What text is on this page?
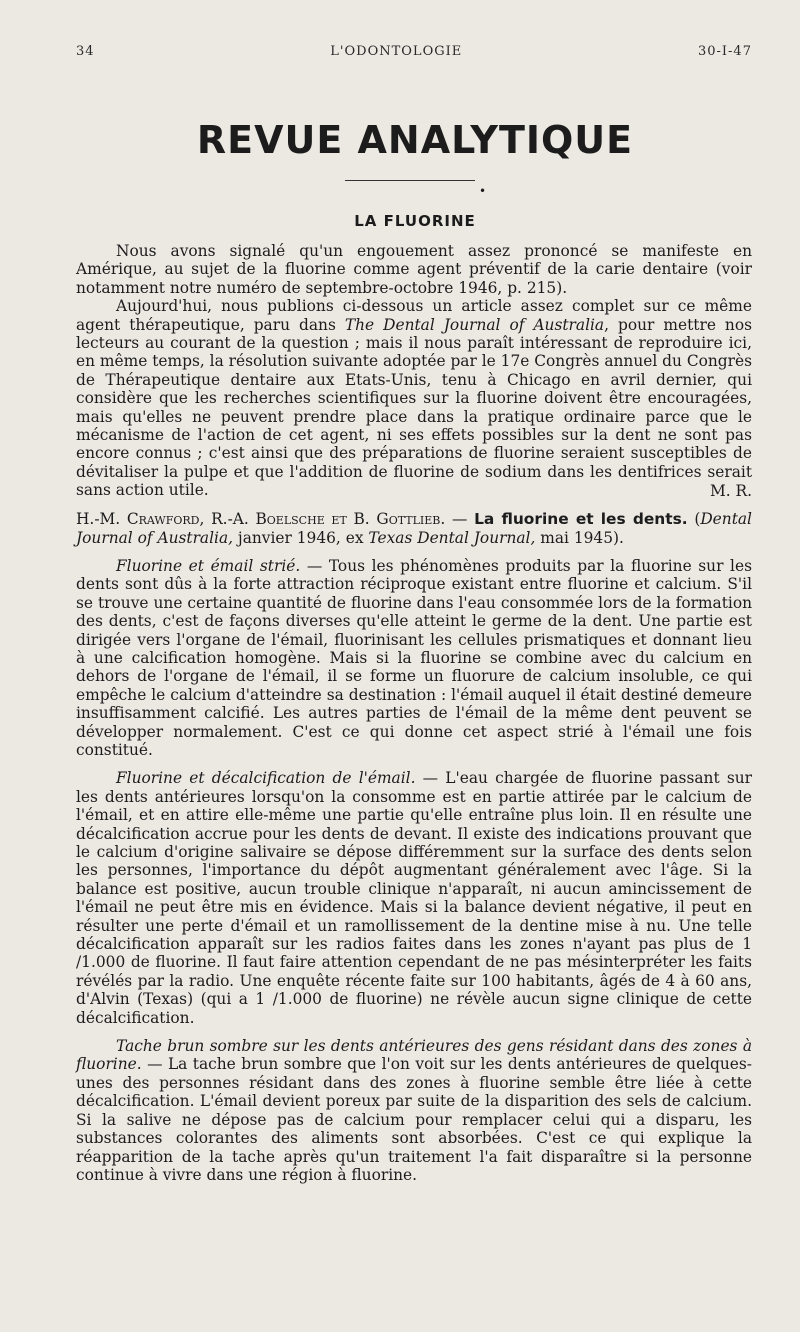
34	L'ODONTOLOGIE	30-I-47
REVUE ANALYTIQUE
•
LA FLUORINE

Nous avons signalé qu'un engouement assez prononcé se manifeste en Amérique, au sujet de la fluorine comme agent préventif de la carie dentaire (voir notamment notre numéro de septembre-octobre 1946, p. 215).

Aujourd'hui, nous publions ci-dessous un article assez complet sur ce même agent thérapeutique, paru dans The Dental Journal of Australia, pour mettre nos lecteurs au courant de la question ; mais il nous paraît intéressant de reproduire ici, en même temps, la résolution suivante adoptée par le 17e Congrès annuel du Congrès de Thérapeutique dentaire aux Etats-Unis, tenu à Chicago en avril dernier, qui considère que les recherches scientifiques sur la fluorine doivent être encouragées, mais qu'elles ne peuvent prendre place dans la pratique ordinaire parce que le mécanisme de l'action de cet agent, ni ses effets possibles sur la dent ne sont pas encore connus ; c'est ainsi que des préparations de fluorine seraient susceptibles de dévitaliser la pulpe et que l'addition de fluorine de sodium dans les dentifrices serait sans action utile.	M. R.

H.-M. Crawford, R.-A. Boelsche et B. Gottlieb. — La fluorine et les dents. (Dental Journal of Australia, janvier 1946, ex Texas Dental Journal, mai 1945).

Fluorine et émail strié. — Tous les phénomènes produits par la fluorine sur les dents sont dûs à la forte attraction réciproque existant entre fluorine et calcium. S'il se trouve une certaine quantité de fluorine dans l'eau consommée lors de la formation des dents, c'est de façons diverses qu'elle atteint le germe de la dent. Une partie est dirigée vers l'organe de l'émail, fluorinisant les cellules prismatiques et donnant lieu à une calcification homogène. Mais si la fluorine se combine avec du calcium en dehors de l'organe de l'émail, il se forme un fluorure de calcium insoluble, ce qui empêche le calcium d'atteindre sa destination : l'émail auquel il était destiné demeure insuffisamment calcifié. Les autres parties de l'émail de la même dent peuvent se développer normalement. C'est ce qui donne cet aspect strié à l'émail une fois constitué.

Fluorine et décalcification de l'émail. — L'eau chargée de fluorine passant sur les dents antérieures lorsqu'on la consomme est en partie attirée par le calcium de l'émail, et en attire elle-même une partie qu'elle entraîne plus loin. Il en résulte une décalcification accrue pour les dents de devant. Il existe des indications prouvant que le calcium d'origine salivaire se dépose différemment sur la surface des dents selon les personnes, l'importance du dépôt augmentant généralement avec l'âge. Si la balance est positive, aucun trouble clinique n'apparaît, ni aucun amincissement de l'émail ne peut être mis en évidence. Mais si la balance devient négative, il peut en résulter une perte d'émail et un ramollissement de la dentine mise à nu. Une telle décalcification apparaît sur les radios faites dans les zones n'ayant pas plus de 1 /1.000 de fluorine. Il faut faire attention cependant de ne pas mésinterpréter les faits révélés par la radio. Une enquête récente faite sur 100 habitants, âgés de 4 à 60 ans, d'Alvin (Texas) (qui a 1 /1.000 de fluorine) ne révèle aucun signe clinique de cette décalcification.

Tache brun sombre sur les dents antérieures des gens résidant dans des zones à fluorine. — La tache brun sombre que l'on voit sur les dents antérieures de quelques-unes des personnes résidant dans des zones à fluorine semble être liée à cette décalcification. L'émail devient poreux par suite de la disparition des sels de calcium. Si la salive ne dépose pas de calcium pour remplacer celui qui a disparu, les substances colorantes des aliments sont absorbées. C'est ce qui explique la réapparition de la tache après qu'un traitement l'a fait disparaître si la personne continue à vivre dans une région à fluorine.
